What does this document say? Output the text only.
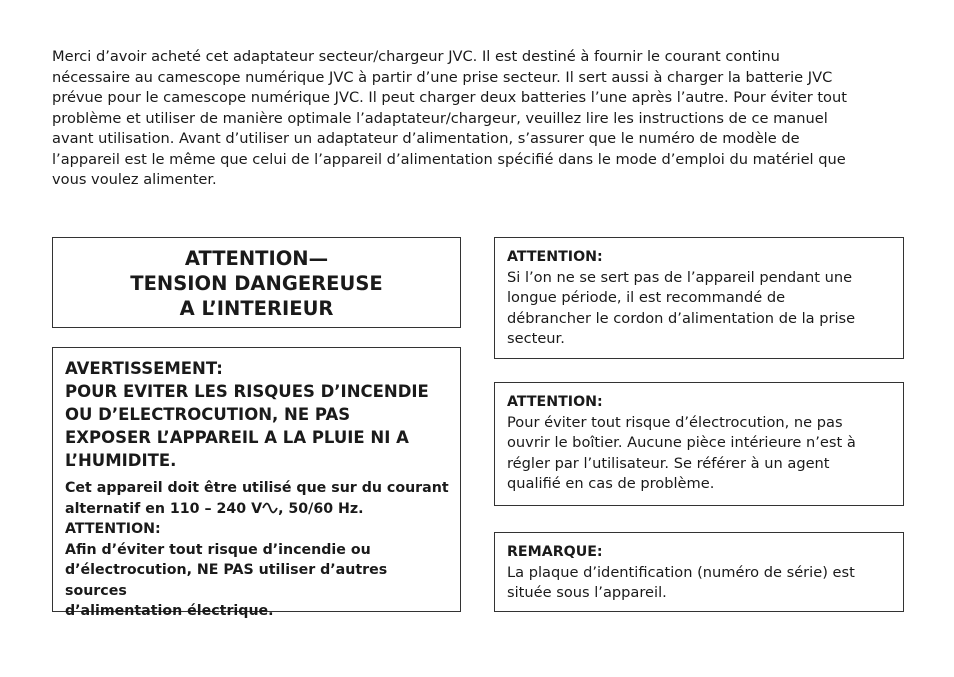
Merci d’avoir acheté cet adaptateur secteur/chargeur JVC. Il est destiné à fournir le courant continu
nécessaire au camescope numérique JVC à partir d’une prise secteur. Il sert aussi à charger la batterie JVC
prévue pour le camescope numérique JVC. Il peut charger deux batteries l’une après l’autre. Pour éviter tout
problème et utiliser de manière optimale l’adaptateur/chargeur, veuillez lire les instructions de ce manuel
avant utilisation. Avant d’utiliser un adaptateur d’alimentation, s’assurer que le numéro de modèle de
l’appareil est le même que celui de l’appareil d’alimentation spécifié dans le mode d’emploi du matériel que
vous voulez alimenter.

ATTENTION—
TENSION DANGEREUSE
A L’INTERIEUR
AVERTISSEMENT:
POUR EVITER LES RISQUES D’INCENDIE
OU D’ELECTROCUTION, NE PAS
EXPOSER L’APPAREIL A LA PLUIE NI A
L’HUMIDITE.
Cet appareil doit être utilisé que sur du courant
alternatif en 110 – 240 V , 50/60 Hz.
ATTENTION:
Afin d’éviter tout risque d’incendie ou
d’électrocution, NE PAS utiliser d’autres sources
d’alimentation électrique.
ATTENTION:
Si l’on ne se sert pas de l’appareil pendant une
longue période, il est recommandé de
débrancher le cordon d’alimentation de la prise
secteur.
ATTENTION:
Pour éviter tout risque d’électrocution, ne pas
ouvrir le boîtier. Aucune pièce intérieure n’est à
régler par l’utilisateur. Se référer à un agent
qualifié en cas de problème.
REMARQUE:
La plaque d’identification (numéro de série) est
située sous l’appareil.
